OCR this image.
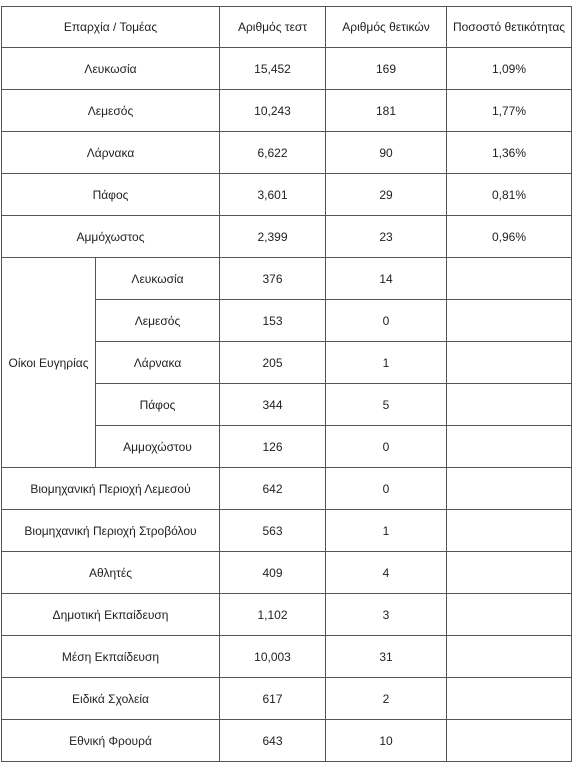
Επαρχία / Τομέας		Αριθμός τεστ	Αριθμός θετικών	Ποσοστό θετικότητας
Λευκωσία		15,452	169	1,09%
Λεμεσός		10,243	181	1,77%
Λάρνακα		6,622	90	1,36%
Πάφος		3,601	29	0,81%
Αμμόχωστος		2,399	23	0,96%
Οίκοι Ευγηρίας	Λευκωσία	376	14	
	Λεμεσός	153	0	
	Λάρνακα	205	1	
	Πάφος	344	5	
	Αμμοχώστου	126	0	
Βιομηχανική Περιοχή Λεμεσού		642	0	
Βιομηχανική Περιοχή Στροβόλου		563	1	
Αθλητές		409	4	
Δημοτική Εκπαίδευση		1,102	3	
Μέση Εκπαίδευση		10,003	31	
Ειδικά Σχολεία		617	2	
Εθνική Φρουρά		643	10	
